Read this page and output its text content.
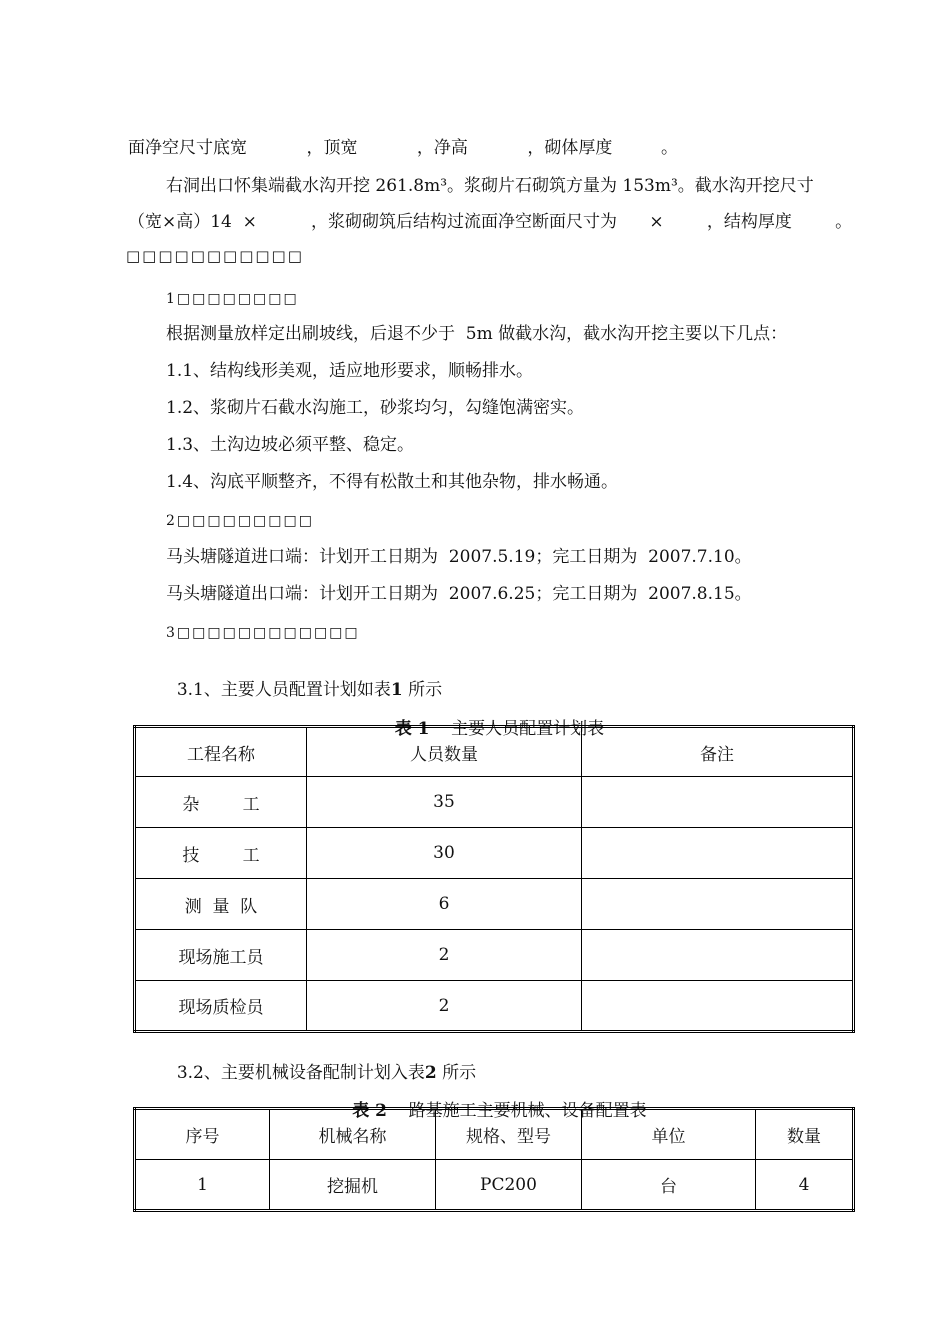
面净空尺寸底宽           ，顶宽           ，净高           ，砌体厚度         。
右洞出口怀集端截水沟开挖 261.8m³。浆砌片石砌筑方量为 153m³。截水沟开挖尺寸
（宽×高）14  ×          ，浆砌砌筑后结构过流面净空断面尺寸为      ×        ，结构厚度        。
□□□□□□□□□□□
1□□□□□□□□
根据测量放样定出刷坡线，后退不少于  5m 做截水沟，截水沟开挖主要以下几点：
1.1、结构线形美观，适应地形要求，顺畅排水。
1.2、浆砌片石截水沟施工，砂浆均匀，勾缝饱满密实。
1.3、土沟边坡必须平整、稳定。
1.4、沟底平顺整齐，不得有松散土和其他杂物，排水畅通。
2□□□□□□□□□
马头塘隧道进口端：计划开工日期为  2007.5.19；完工日期为  2007.7.10。
马头塘隧道出口端：计划开工日期为  2007.6.25；完工日期为  2007.8.15。
3□□□□□□□□□□□□

3.1、主要人员配置计划如表1 所示

表 1 主要人员配置计划表

工程名称	人员数量	备注
杂        工	35	
技        工	30	
测  量  队	6	
现场施工员	2	
现场质检员	2	

3.2、主要机械设备配制计划入表2 所示

表 2 路基施工主要机械、设备配置表

序号	机械名称	规格、型号	单位	数量
1	挖掘机	PC200	台	4
